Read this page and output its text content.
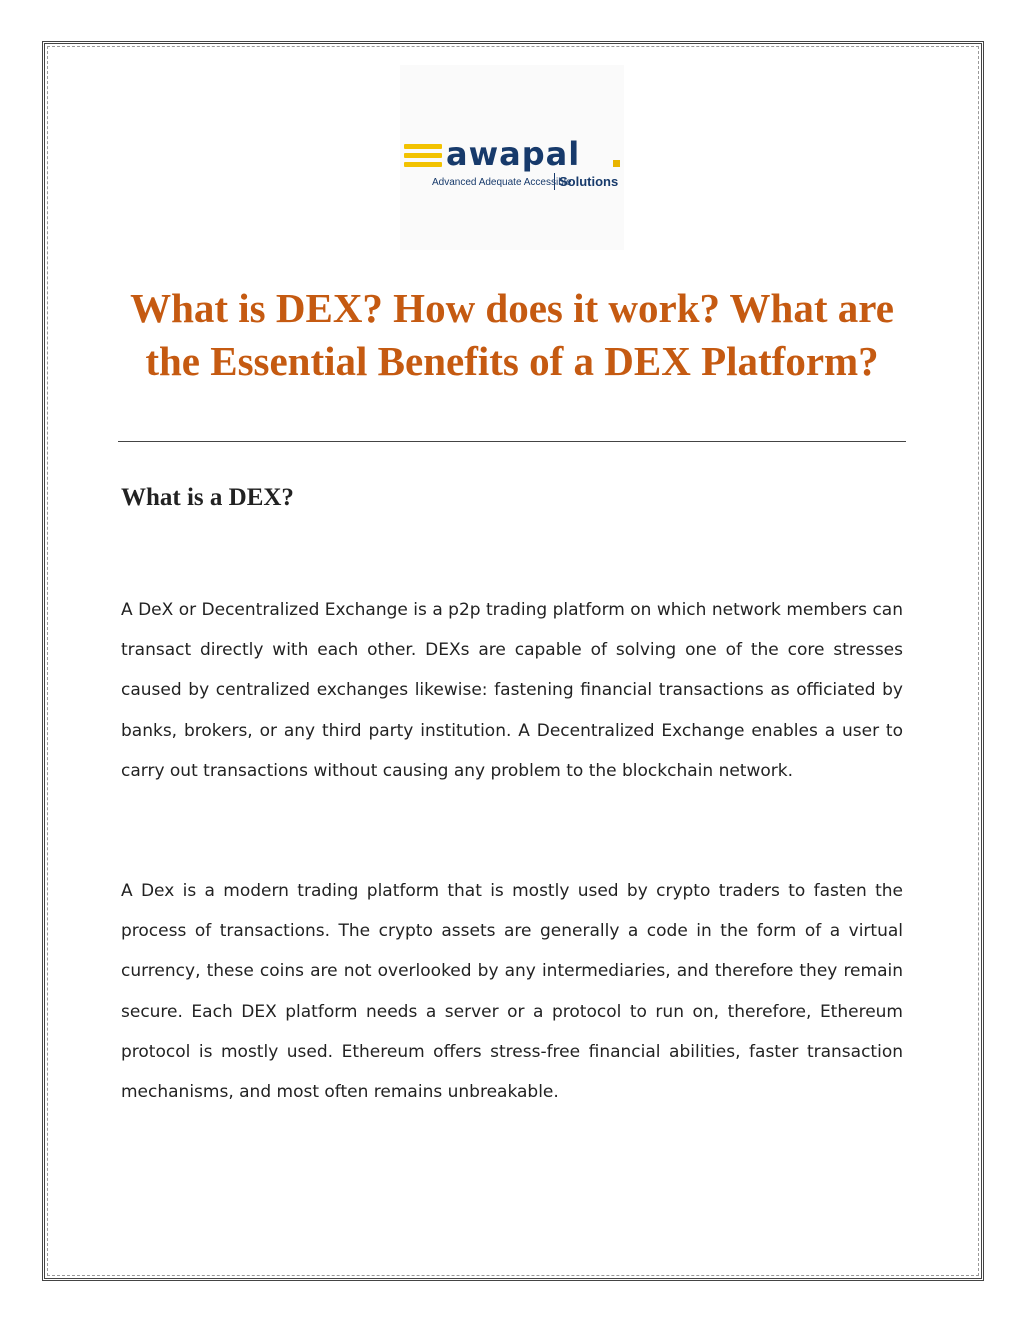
awapal
Advanced Adequate Accessible
Solutions
What is DEX? How does it work? What are the Essential Benefits of a DEX Platform?
What is a DEX?

A DeX or Decentralized Exchange is a p2p trading platform on which network members can transact directly with each other. DEXs are capable of solving one of the core stresses caused by centralized exchanges likewise: fastening financial transactions as officiated by banks, brokers, or any third party institution. A Decentralized Exchange enables a user to carry out transactions without causing any problem to the blockchain network.

A Dex is a modern trading platform that is mostly used by crypto traders to fasten the process of transactions. The crypto assets are generally a code in the form of a virtual currency, these coins are not overlooked by any intermediaries, and therefore they remain secure. Each DEX platform needs a server or a protocol to run on, therefore, Ethereum protocol is mostly used. Ethereum offers stress-free financial abilities, faster transaction mechanisms, and most often remains unbreakable.
